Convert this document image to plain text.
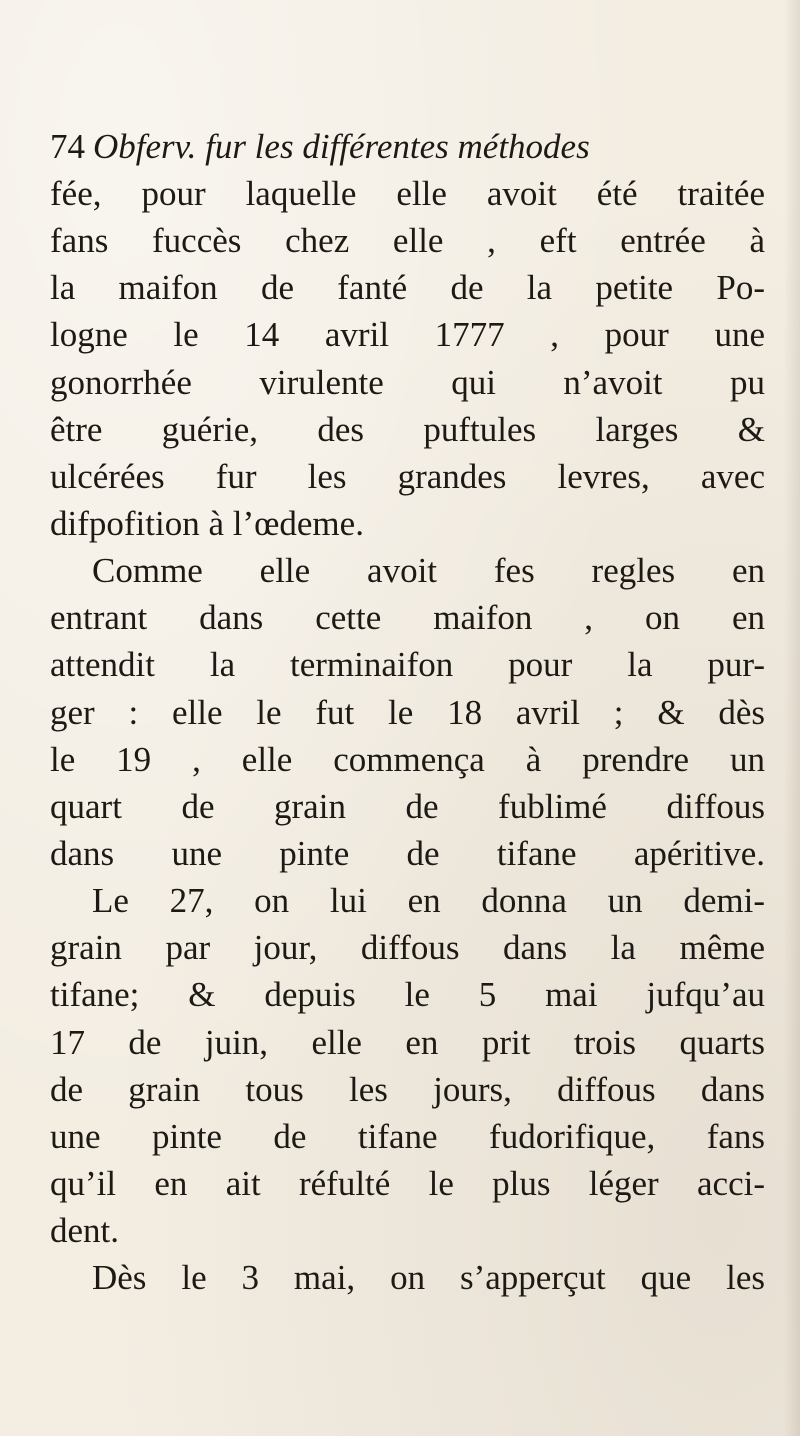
74 Obferv. fur les différentes méthodes
fée, pour laquelle elle avoit été traitée
fans fuccès chez elle , eft entrée à
la maifon de fanté de la petite Po-
logne le 14 avril 1777 , pour une
gonorrhée virulente qui n’avoit pu
être guérie, des puftules larges &
ulcérées fur les grandes levres, avec
difpofition à l’œdeme.
Comme elle avoit fes regles en
entrant dans cette maifon , on en
attendit la terminaifon pour la pur-
ger : elle le fut le 18 avril ; & dès
le 19 , elle commença à prendre un
quart de grain de fublimé diffous
dans une pinte de tifane apéritive.
Le 27, on lui en donna un demi-
grain par jour, diffous dans la même
tifane; & depuis le 5 mai jufqu’au
17 de juin, elle en prit trois quarts
de grain tous les jours, diffous dans
une pinte de tifane fudorifique, fans
qu’il en ait réfulté le plus léger acci-
dent.
Dès le 3 mai, on s’apperçut que les
